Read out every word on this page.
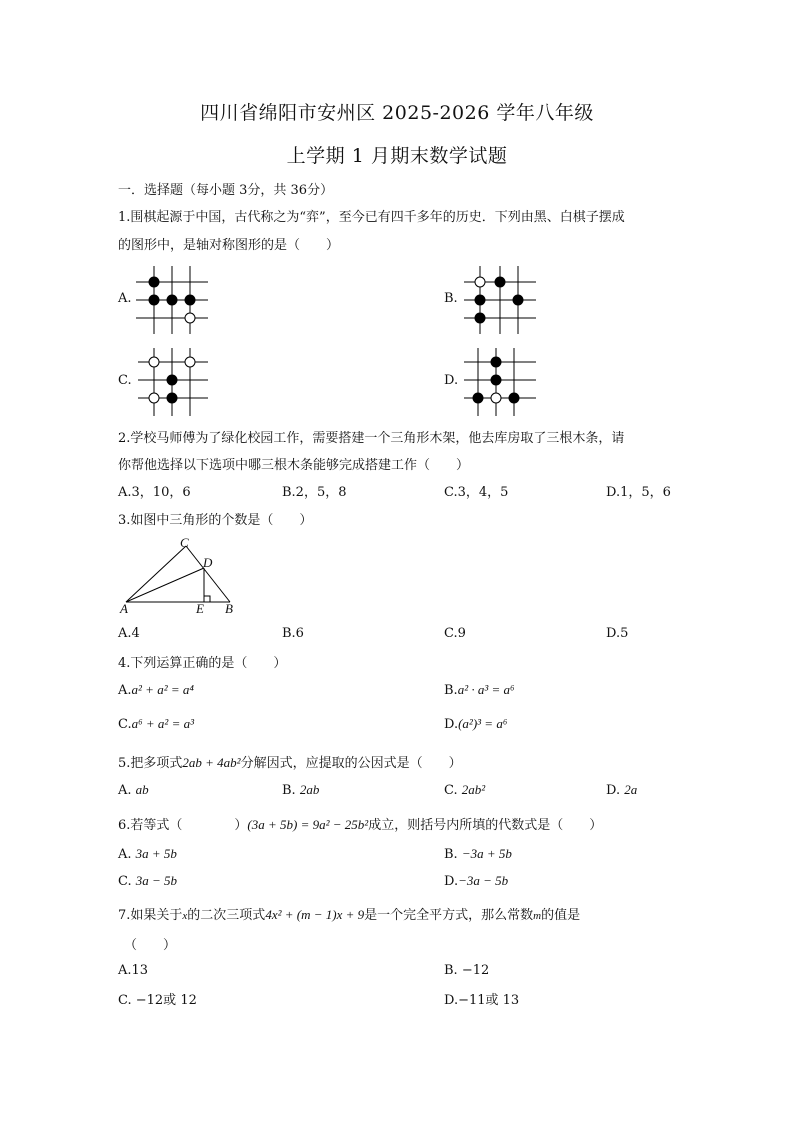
四川省绵阳市安州区 2025-2026 学年八年级
上学期 1 月期末数学试题
一．选择题（每小题 3分，共 36分）
1.围棋起源于中国，古代称之为“弈”，至今已有四千多年的历史．下列由黑、白棋子摆成
的图形中，是轴对称图形的是（　　）
A.	B.
C.	D.
2.学校马师傅为了绿化校园工作，需要搭建一个三角形木架，他去库房取了三根木条，请
你帮他选择以下选项中哪三根木条能够完成搭建工作（　　）
A.3，10，6	B.2，5，8	C.3，4，5	D.1，5，6
3.如图中三角形的个数是（　　）
C
D
A	E B
A.4	B.6	C.9	D.5
4.下列运算正确的是（　　）
A.a² + a² = a⁴	B.a² · a³ = a⁶
C.a⁶ + a² = a³	D.(a²)³ = a⁶
5.把多项式2ab + 4ab²分解因式，应提取的公因式是（　　）
A. ab	B. 2ab	C. 2ab²	D. 2a
6.若等式（　　　　）(3a + 5b) = 9a² − 25b²成立，则括号内所填的代数式是（　　）
A. 3a + 5b	B. −3a + 5b
C. 3a − 5b	D.−3a − 5b
7.如果关于x的二次三项式4x² + (m − 1)x + 9是一个完全平方式，那么常数m的值是
（　　）
A.13	B. −12
C. −12或 12	D.−11或 13
